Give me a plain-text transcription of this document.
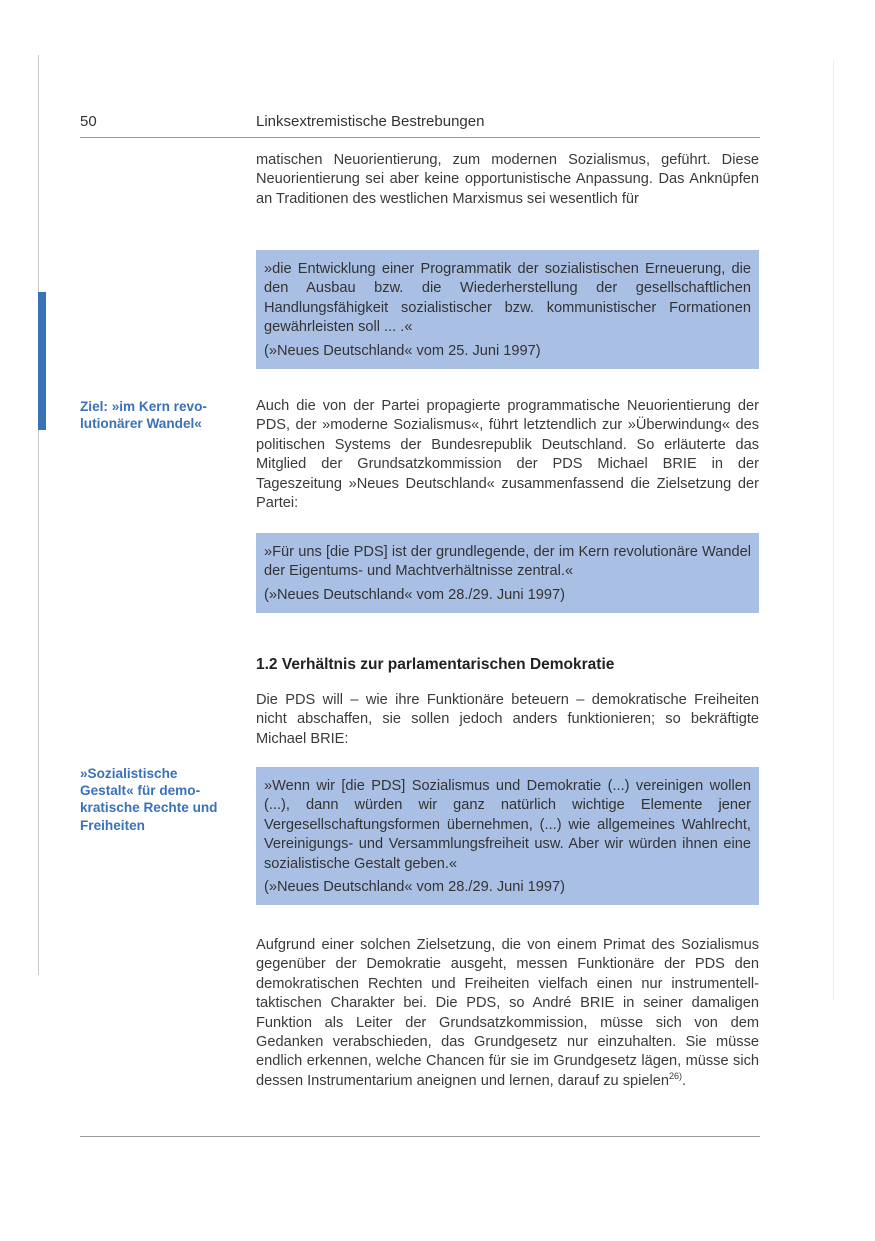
50	Linksextremistische Bestrebungen

matischen Neuorientierung, zum modernen Sozialismus, geführt. Diese Neuorientierung sei aber keine opportunistische Anpassung. Das Anknüpfen an Traditionen des westlichen Marxismus sei wesentlich für

»die Entwicklung einer Programmatik der sozialistischen Erneuerung, die den Ausbau bzw. die Wiederherstellung der gesellschaftlichen Handlungsfähigkeit sozialistischer bzw. kommunistischer Formationen gewährleisten soll ... .«

(»Neues Deutschland« vom 25. Juni 1997)

Ziel: »im Kern revo-lutionärer Wandel«

Auch die von der Partei propagierte programmatische Neuorientierung der PDS, der »moderne Sozialismus«, führt letztendlich zur »Überwindung« des politischen Systems der Bundesrepublik Deutschland. So erläuterte das Mitglied der Grundsatzkommission der PDS Michael BRIE in der Tageszeitung »Neues Deutschland« zusammenfassend die Zielsetzung der Partei:

»Für uns [die PDS] ist der grundlegende, der im Kern revolutionäre Wandel der Eigentums- und Machtverhältnisse zentral.«

(»Neues Deutschland« vom 28./29. Juni 1997)

1.2 Verhältnis zur parlamentarischen Demokratie

Die PDS will – wie ihre Funktionäre beteuern – demokratische Freiheiten nicht abschaffen, sie sollen jedoch anders funktionieren; so bekräftigte Michael BRIE:

»Sozialistische Gestalt« für demo-kratische Rechte und Freiheiten

»Wenn wir [die PDS] Sozialismus und Demokratie (...) vereinigen wollen (...), dann würden wir ganz natürlich wichtige Elemente jener Vergesellschaftungsformen übernehmen, (...) wie allgemeines Wahlrecht, Vereinigungs- und Versammlungsfreiheit usw. Aber wir würden ihnen eine sozialistische Gestalt geben.«

(»Neues Deutschland« vom 28./29. Juni 1997)

Aufgrund einer solchen Zielsetzung, die von einem Primat des Sozialismus gegenüber der Demokratie ausgeht, messen Funktionäre der PDS den demokratischen Rechten und Freiheiten vielfach einen nur instrumentell-taktischen Charakter bei. Die PDS, so André BRIE in seiner damaligen Funktion als Leiter der Grundsatzkommission, müsse sich von dem Gedanken verabschieden, das Grundgesetz nur einzuhalten. Sie müsse endlich erkennen, welche Chancen für sie im Grundgesetz lägen, müsse sich dessen Instrumentarium aneignen und lernen, darauf zu spielen$^{26)}$.
